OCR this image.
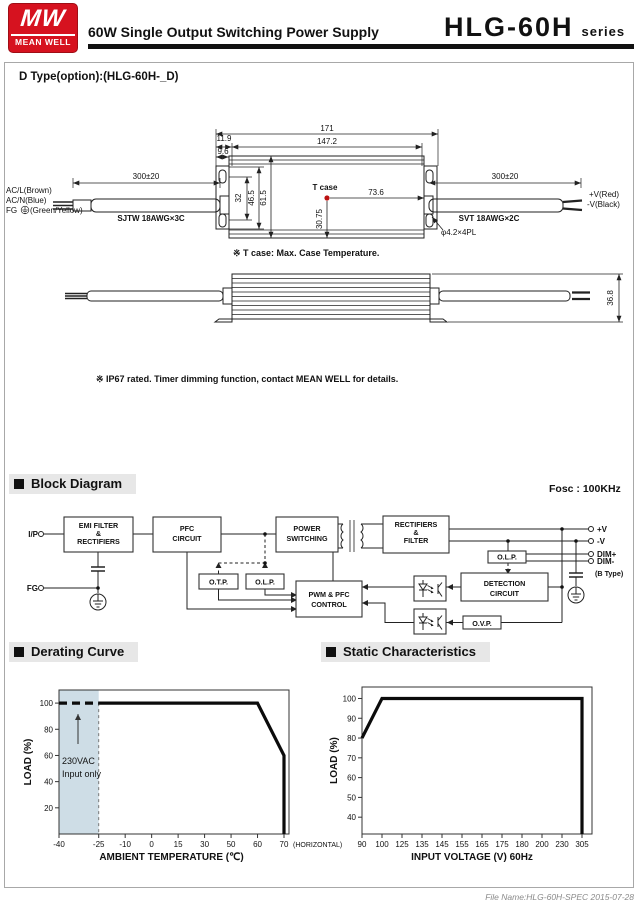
MW
MEAN WELL
60W Single Output Switching Power Supply HLG-60H series
D Type(option):(HLG-60H-_D)
171
147.2
11.9
9.6
32 46.5 61.5
T case
73.6
30.75
300±20
SJTW 18AWG×3C
AC/L(Brown)
AC/N(Blue)
FG (Green/Yellow)
300±20
SVT 18AWG×2C
+V(Red)
-V(Black)
φ4.2×4PL
※ T case: Max. Case Temperature.
36.8
※ IP67 rated. Timer dimming function, contact MEAN WELL for details.
Block Diagram	Fosc : 100KHz
I/P
FG
EMI FILTER
&
RECTIFIERS
PFC
CIRCUIT
POWER
SWITCHING
RECTIFIERS
&
FILTER
O.L.P.
DETECTION
CIRCUIT
O.T.P.	O.L.P.
PWM & PFC
CONTROL
O.V.P.
+V
-V
DIM+
DIM-
(B Type)
Derating Curve	Static Characteristics
-40	-25 -10 0 15 30 50 60 70 (HORIZONTAL)
20
40
60
80
100
230VAC
Input only
AMBIENT TEMPERATURE (℃)
LOAD (%)
90 100 125 135 145 155 165 175 180 200 230 305
40
50
60
70
80
90
100
INPUT VOLTAGE (V) 60Hz
LOAD (%)
File Name:HLG-60H-SPEC 2015-07-28
